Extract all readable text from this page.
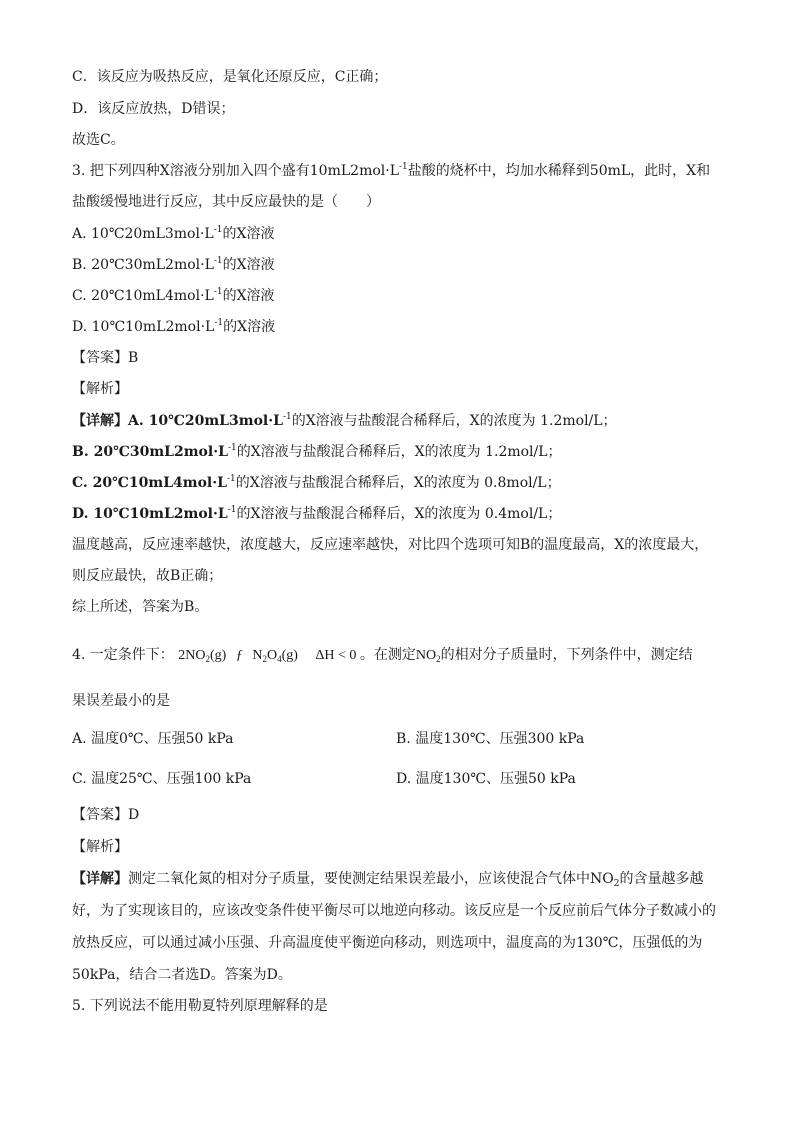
C．该反应为吸热反应，是氧化还原反应，C正确；
D．该反应放热，D错误；
故选C。
3. 把下列四种X溶液分别加入四个盛有$10mL2mol\cdot L^{-1}$盐酸的烧杯中，均加水稀释到50mL，此时，X和
盐酸缓慢地进行反应，其中反应最快的是（　　）
A. $10℃20mL3mol\cdot L^{-1}$的X溶液
B. $20℃30mL2mol\cdot L^{-1}$的X溶液
C. $20℃10mL4mol\cdot L^{-1}$的X溶液
D. $10℃10mL2mol\cdot L^{-1}$的X溶液
【答案】B
【解析】
【详解】A. $10℃20mL3mol\cdot L^{-1}$的X溶液与盐酸混合稀释后，X的浓度为 1.2mol/L；
B. $20℃30mL2mol\cdot L^{-1}$的X溶液与盐酸混合稀释后，X的浓度为 1.2mol/L；
C. $20℃10mL4mol\cdot L^{-1}$的X溶液与盐酸混合稀释后，X的浓度为 0.8mol/L；
D. $10℃10mL2mol\cdot L^{-1}$的X溶液与盐酸混合稀释后，X的浓度为 0.4mol/L；
温度越高，反应速率越快，浓度越大，反应速率越快，对比四个选项可知B的温度最高，X的浓度最大，
则反应最快，故B正确；
综上所述，答案为B。
4. 一定条件下： $2NO_2(g)$ ƒ $N_2O_4(g) \Delta H < 0$ 。在测定$NO_2$的相对分子质量时，下列条件中，测定结
果误差最小的是
A. 温度0℃、压强50 kPa	B. 温度130℃、压强300 kPa
C. 温度25℃、压强100 kPa	D. 温度130℃、压强50 kPa
【答案】D
【解析】
【详解】测定二氧化氮的相对分子质量，要使测定结果误差最小，应该使混合气体中$NO_2$的含量越多越
好，为了实现该目的，应该改变条件使平衡尽可以地逆向移动。该反应是一个反应前后气体分子数减小的
放热反应，可以通过减小压强、升高温度使平衡逆向移动，则选项中，温度高的为130℃，压强低的为
50kPa，结合二者选D。答案为D。
5. 下列说法不能用勒夏特列原理解释的是
